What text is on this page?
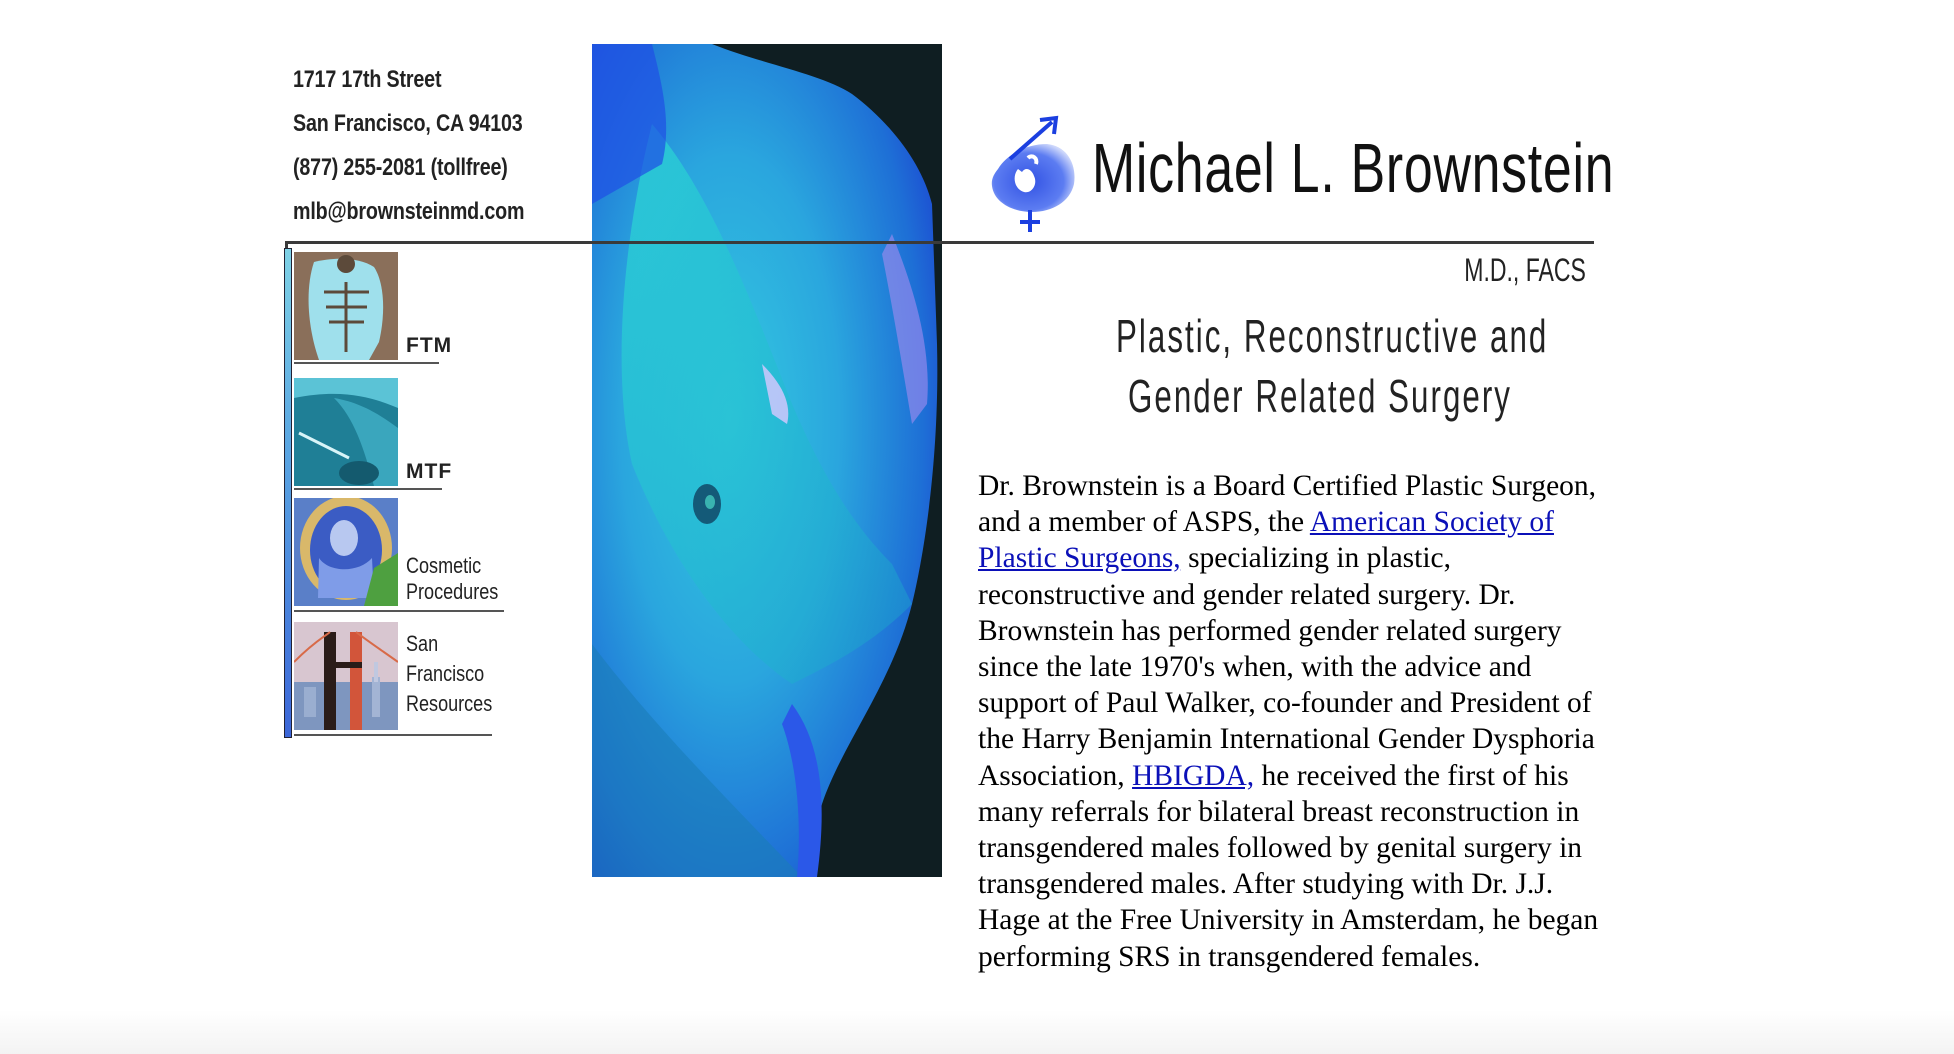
1717 17th Street
San Francisco, CA 94103
(877) 255-2081 (tollfree)
mlb@brownsteinmd.com
FTM
MTF
Cosmetic
Procedures
San
Francisco
Resources
Michael L. Brownstein
M.D., FACS
Plastic, Reconstructive and
Gender Related Surgery
Dr. Brownstein is a Board Certified Plastic Surgeon, and a member of ASPS, the American Society of Plastic Surgeons, specializing in plastic, reconstructive and gender related surgery. Dr. Brownstein has performed gender related surgery since the late 1970's when, with the advice and support of Paul Walker, co-founder and President of the Harry Benjamin International Gender Dysphoria Association, HBIGDA, he received the first of his many referrals for bilateral breast reconstruction in transgendered males followed by genital surgery in transgendered males. After studying with Dr. J.J. Hage at the Free University in Amsterdam, he began performing SRS in transgendered females.
